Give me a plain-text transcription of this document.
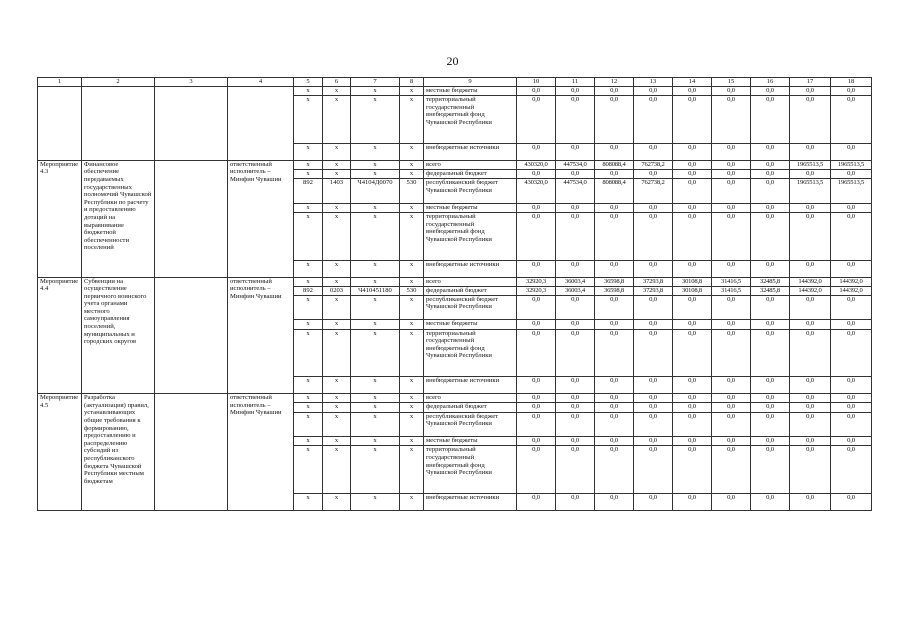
20
1	2	3	4	5	6	7	8	9	10	11	12	13	14	15	16	17	18
				x	x	x	x	местные бюджеты	0,0	0,0	0,0	0,0	0,0	0,0	0,0	0,0	0,0
				x	x	x	x	территориальный государственный внебюджетный фонд Чувашской Республики	0,0	0,0	0,0	0,0	0,0	0,0	0,0	0,0	0,0
				x	x	x	x	внебюджетные источники	0,0	0,0	0,0	0,0	0,0	0,0	0,0	0,0	0,0
Мероприятие 4.3	Финансовое обеспечение передаваемых государственных полномочий Чувашской Республики по расчету и предоставлению дотаций на выравнивание бюджетной обеспеченности поселений		ответственный исполнитель – Минфин Чувашии	x	x	x	x	всего	430320,0	447534,0	808088,4	762738,2	0,0	0,0	0,0	1965513,5	1965513,5
				x	x	x	x	федеральный бюджет	0,0	0,0	0,0	0,0	0,0	0,0	0,0	0,0	0,0
				892	1403	Ч4104Д0070	530	республиканский бюджет Чувашской Республики	430320,0	447534,0	808088,4	762738,2	0,0	0,0	0,0	1965513,5	1965513,5
				x	x	x	x	местные бюджеты	0,0	0,0	0,0	0,0	0,0	0,0	0,0	0,0	0,0
				x	x	x	x	территориальный государственный внебюджетный фонд Чувашской Республики	0,0	0,0	0,0	0,0	0,0	0,0	0,0	0,0	0,0
				x	x	x	x	внебюджетные источники	0,0	0,0	0,0	0,0	0,0	0,0	0,0	0,0	0,0
Мероприятие 4.4	Субвенции на осуществление первичного воинского учета органами местного самоуправления поселений, муниципальных и городских округов		ответственный исполнитель – Минфин Чувашии	x	x	x	x	всего	32920,3	36003,4	36598,8	37293,8	30108,8	31416,5	32485,8	144392,0	144392,0
				892	0203	Ч410451180	530	федеральный бюджет	32920,3	36003,4	36598,8	37293,8	30108,8	31416,5	32485,8	144392,0	144392,0
				x	x	x	x	республиканский бюджет Чувашской Республики	0,0	0,0	0,0	0,0	0,0	0,0	0,0	0,0	0,0
				x	x	x	x	местные бюджеты	0,0	0,0	0,0	0,0	0,0	0,0	0,0	0,0	0,0
				x	x	x	x	территориальный государственный внебюджетный фонд Чувашской Республики	0,0	0,0	0,0	0,0	0,0	0,0	0,0	0,0	0,0
				x	x	x	x	внебюджетные источники	0,0	0,0	0,0	0,0	0,0	0,0	0,0	0,0	0,0
Мероприятие 4.5	Разработка (актуализация) правил, устанавливающих общие требования к формированию, предоставлению и распределению субсидий из республиканского бюджета Чувашской Республики местным бюджетам		ответственный исполнитель – Минфин Чувашии	x	x	x	x	всего	0,0	0,0	0,0	0,0	0,0	0,0	0,0	0,0	0,0
				x	x	x	x	федеральный бюджет	0,0	0,0	0,0	0,0	0,0	0,0	0,0	0,0	0,0
				x	x	x	x	республиканский бюджет Чувашской Республики	0,0	0,0	0,0	0,0	0,0	0,0	0,0	0,0	0,0
				x	x	x	x	местные бюджеты	0,0	0,0	0,0	0,0	0,0	0,0	0,0	0,0	0,0
				x	x	x	x	территориальный государственный внебюджетный фонд Чувашской Республики	0,0	0,0	0,0	0,0	0,0	0,0	0,0	0,0	0,0
				x	x	x	x	внебюджетные источники	0,0	0,0	0,0	0,0	0,0	0,0	0,0	0,0	0,0
